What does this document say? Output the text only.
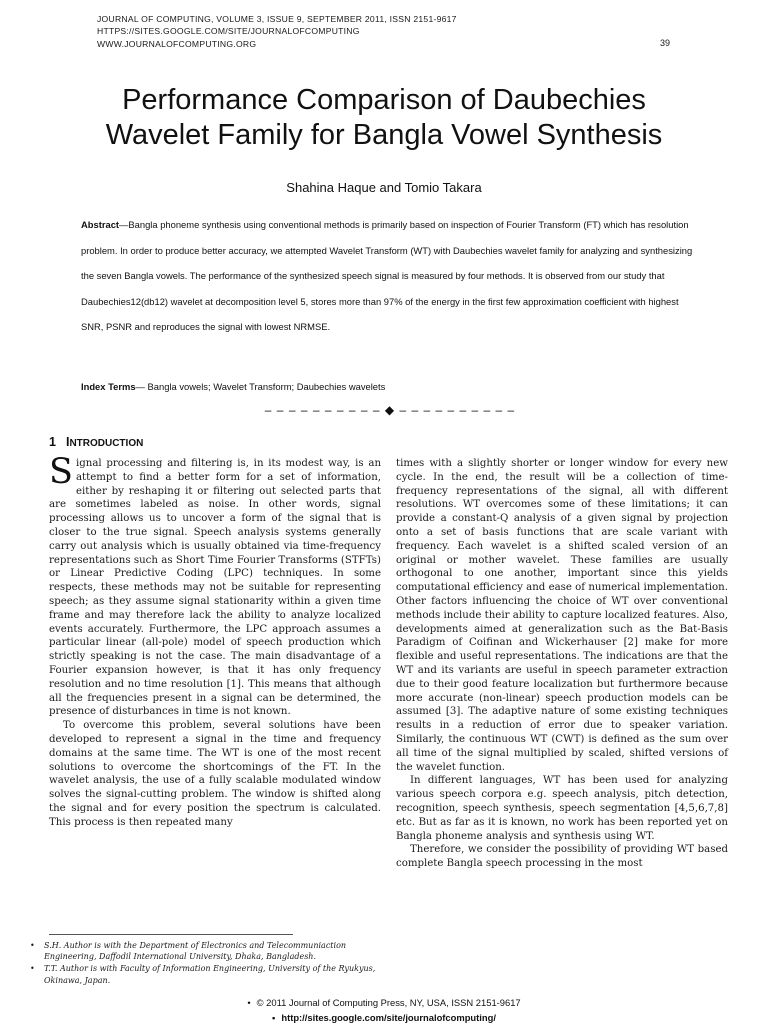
JOURNAL OF COMPUTING, VOLUME 3, ISSUE 9, SEPTEMBER 2011, ISSN 2151-9617
HTTPS://SITES.GOOGLE.COM/SITE/JOURNALOFCOMPUTING
WWW.JOURNALOFCOMPUTING.ORG	39
Performance Comparison of Daubechies
Wavelet Family for Bangla Vowel Synthesis
Shahina Haque and Tomio Takara
Abstract—Bangla phoneme synthesis using conventional methods is primarily based on inspection of Fourier Transform (FT) which has resolution problem. In order to produce better accuracy, we attempted Wavelet Transform (WT) with Daubechies wavelet family for analyzing and synthesizing the seven Bangla vowels. The performance of the synthesized speech signal is measured by four methods. It is observed from our study that Daubechies12(db12) wavelet at decomposition level 5, stores more than 97% of the energy in the first few approximation coefficient with highest SNR, PSNR and reproduces the signal with lowest NRMSE.
Index Terms— Bangla vowels; Wavelet Transform; Daubechies wavelets
– – – – – – – – – – ◆ – – – – – – – – – –
1 INTRODUCTION

Signal processing and filtering is, in its modest way, is an attempt to find a better form for a set of information, either by reshaping it or filtering out selected parts that are sometimes labeled as noise. In other words, signal processing allows us to uncover a form of the signal that is closer to the true signal. Speech analysis systems generally carry out analysis which is usually obtained via time-frequency representations such as Short Time Fourier Transforms (STFTs) or Linear Predictive Coding (LPC) techniques. In some respects, these methods may not be suitable for representing speech; as they assume signal stationarity within a given time frame and may therefore lack the ability to analyze localized events accurately. Furthermore, the LPC approach assumes a particular linear (all-pole) model of speech production which strictly speaking is not the case. The main disadvantage of a Fourier expansion however, is that it has only frequency resolution and no time resolution [1]. This means that although all the frequencies present in a signal can be determined, the presence of disturbances in time is not known.

To overcome this problem, several solutions have been developed to represent a signal in the time and frequency domains at the same time. The WT is one of the most recent solutions to overcome the shortcomings of the FT. In the wavelet analysis, the use of a fully scalable modulated window solves the signal-cutting problem. The window is shifted along the signal and for every position the spectrum is calculated. This process is then repeated many

times with a slightly shorter or longer window for every new cycle. In the end, the result will be a collection of time-frequency representations of the signal, all with different resolutions. WT overcomes some of these limitations; it can provide a constant-Q analysis of a given signal by projection onto a set of basis functions that are scale variant with frequency. Each wavelet is a shifted scaled version of an original or mother wavelet. These families are usually orthogonal to one another, important since this yields computational efficiency and ease of numerical implementation. Other factors influencing the choice of WT over conventional methods include their ability to capture localized features. Also, developments aimed at generalization such as the Bat-Basis Paradigm of Coifinan and Wickerhauser [2] make for more flexible and useful representations. The indications are that the WT and its variants are useful in speech parameter extraction due to their good feature localization but furthermore because more accurate (non-linear) speech production models can be assumed [3]. The adaptive nature of some existing techniques results in a reduction of error due to speaker variation. Similarly, the continuous WT (CWT) is defined as the sum over all time of the signal multiplied by scaled, shifted versions of the wavelet function.

In different languages, WT has been used for analyzing various speech corpora e.g. speech analysis, pitch detection, recognition, speech synthesis, speech segmentation [4,5,6,7,8] etc. But as far as it is known, no work has been reported yet on Bangla phoneme analysis and synthesis using WT.

Therefore, we consider the possibility of providing WT based complete Bangla speech processing in the most

• S.H. Author is with the Department of Electronics and Telecommuniaction Engineering, Daffodil International University, Dhaka, Bangladesh.
• T.T. Author is with Faculty of Information Engineering, University of the Ryukyus, Okinawa, Japan.
• © 2011 Journal of Computing Press, NY, USA, ISSN 2151-9617
• http://sites.google.com/site/journalofcomputing/
